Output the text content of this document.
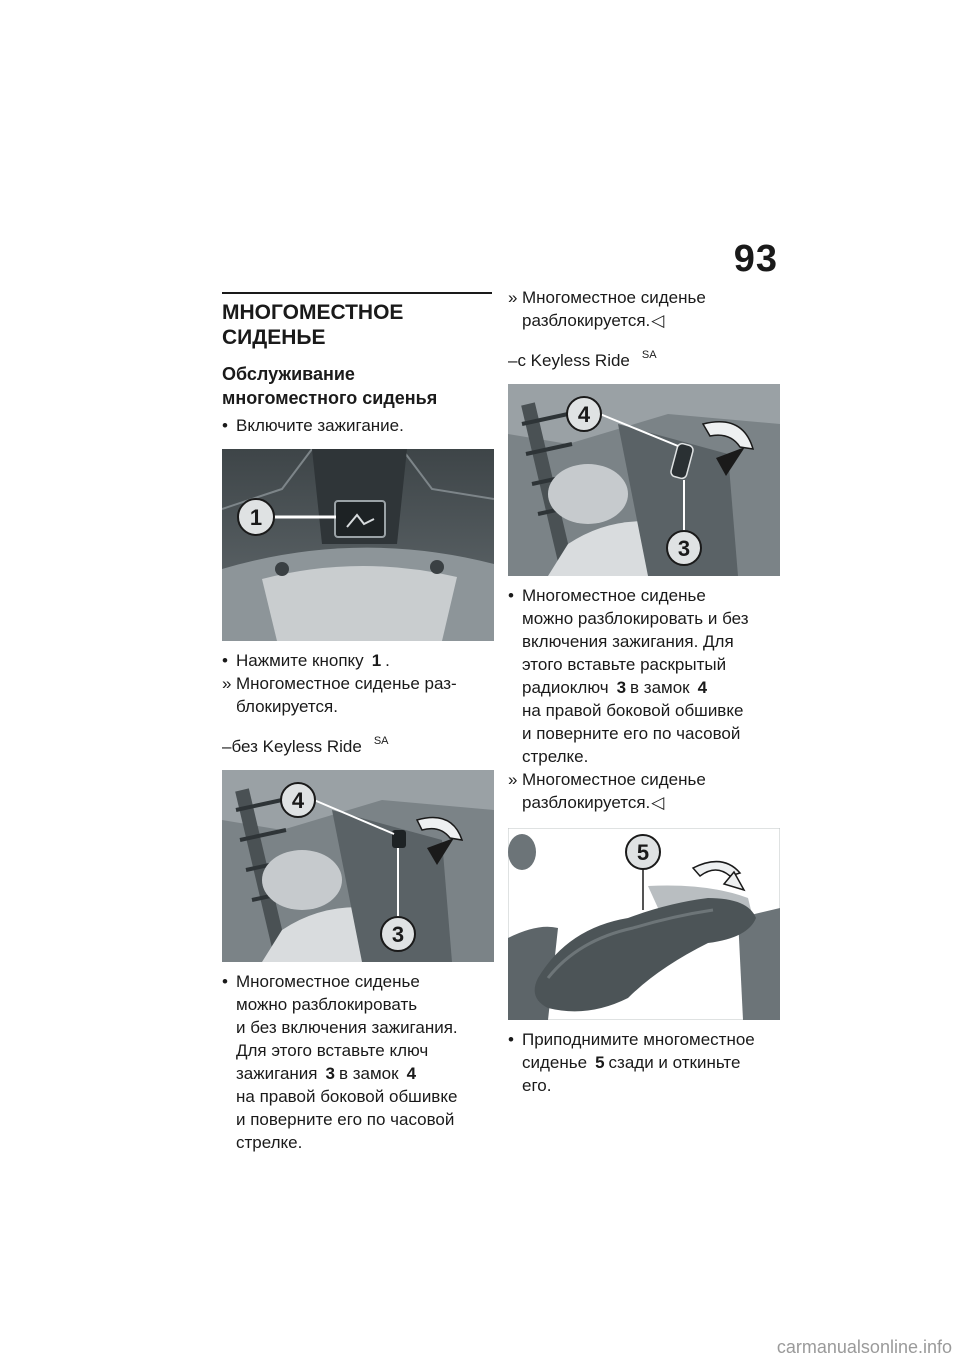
93
МНОГОМЕСТНОЕ
СИДЕНЬЕ
Обслуживание
многоместного сиденья
•
Включите зажигание.
1
•
Нажмите кнопку 1 .
»
Многоместное сиденье раз-
блокируется.
–без Keyless Ride $^{SA}$
4
3
•
Многоместное сиденье
можно разблокировать
и без включения зажигания.
Для этого вставьте ключ
зажигания 3 в замок 4
на правой боковой обшивке
и поверните его по часовой
стрелке.
»
Многоместное сиденье
разблокируется.◁
–с Keyless Ride $^{SA}$
4
3
•
Многоместное сиденье
можно разблокировать и без
включения зажигания. Для
этого вставьте раскрытый
радиоключ 3 в замок 4
на правой боковой обшивке
и поверните его по часовой
стрелке.
»
Многоместное сиденье
разблокируется.◁
5
•
Приподнимите многоместное
сиденье 5 сзади и откиньте
его.
carmanualsonline.info
